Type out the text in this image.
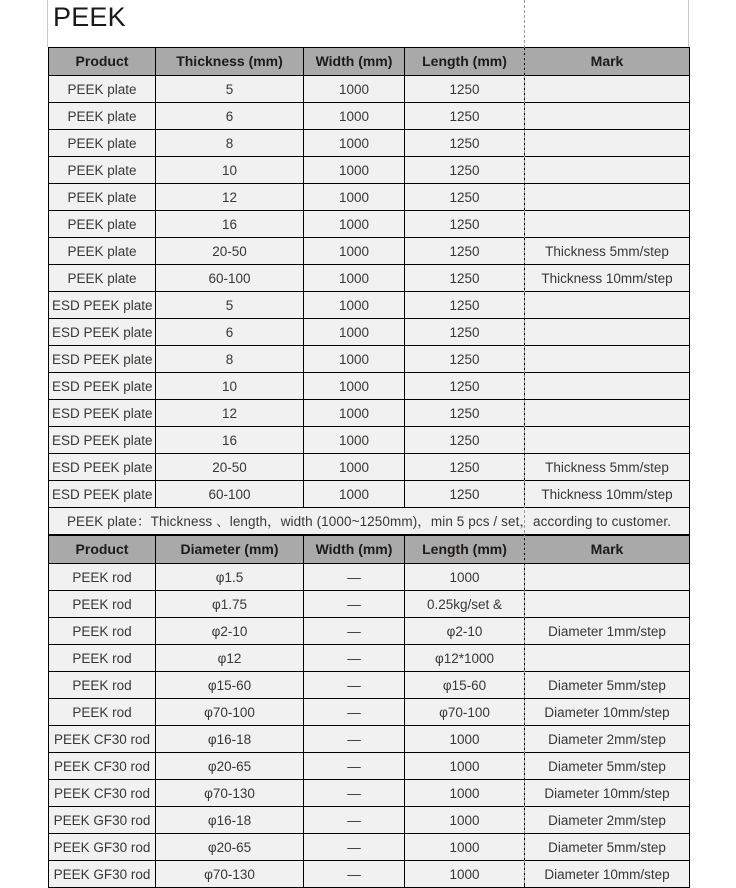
PEEK
Product	Thickness (mm)	Width (mm)	Length (mm)	Mark
PEEK plate	5	1000	1250	
PEEK plate	6	1000	1250	
PEEK plate	8	1000	1250	
PEEK plate	10	1000	1250	
PEEK plate	12	1000	1250	
PEEK plate	16	1000	1250	
PEEK plate	20-50	1000	1250	Thickness 5mm/step
PEEK plate	60-100	1000	1250	Thickness 10mm/step
ESD PEEK plate	5	1000	1250	
ESD PEEK plate	6	1000	1250	
ESD PEEK plate	8	1000	1250	
ESD PEEK plate	10	1000	1250	
ESD PEEK plate	12	1000	1250	
ESD PEEK plate	16	1000	1250	
ESD PEEK plate	20-50	1000	1250	Thickness 5mm/step
ESD PEEK plate	60-100	1000	1250	Thickness 10mm/step
PEEK plate：Thickness 、length，width (1000~1250mm)，min 5 pcs / set，according to customer.				
Product	Diameter (mm)	Width (mm)	Length (mm)	Mark
PEEK rod	φ1.5	—	1000	
PEEK rod	φ1.75	—	0.25kg/set &	
PEEK rod	φ2-10	—	φ2-10	Diameter 1mm/step
PEEK rod	φ12	—	φ12*1000	
PEEK rod	φ15-60	—	φ15-60	Diameter 5mm/step
PEEK rod	φ70-100	—	φ70-100	Diameter 10mm/step
PEEK CF30 rod	φ16-18	—	1000	Diameter 2mm/step
PEEK CF30 rod	φ20-65	—	1000	Diameter 5mm/step
PEEK CF30 rod	φ70-130	—	1000	Diameter 10mm/step
PEEK GF30 rod	φ16-18	—	1000	Diameter 2mm/step
PEEK GF30 rod	φ20-65	—	1000	Diameter 5mm/step
PEEK GF30 rod	φ70-130	—	1000	Diameter 10mm/step
